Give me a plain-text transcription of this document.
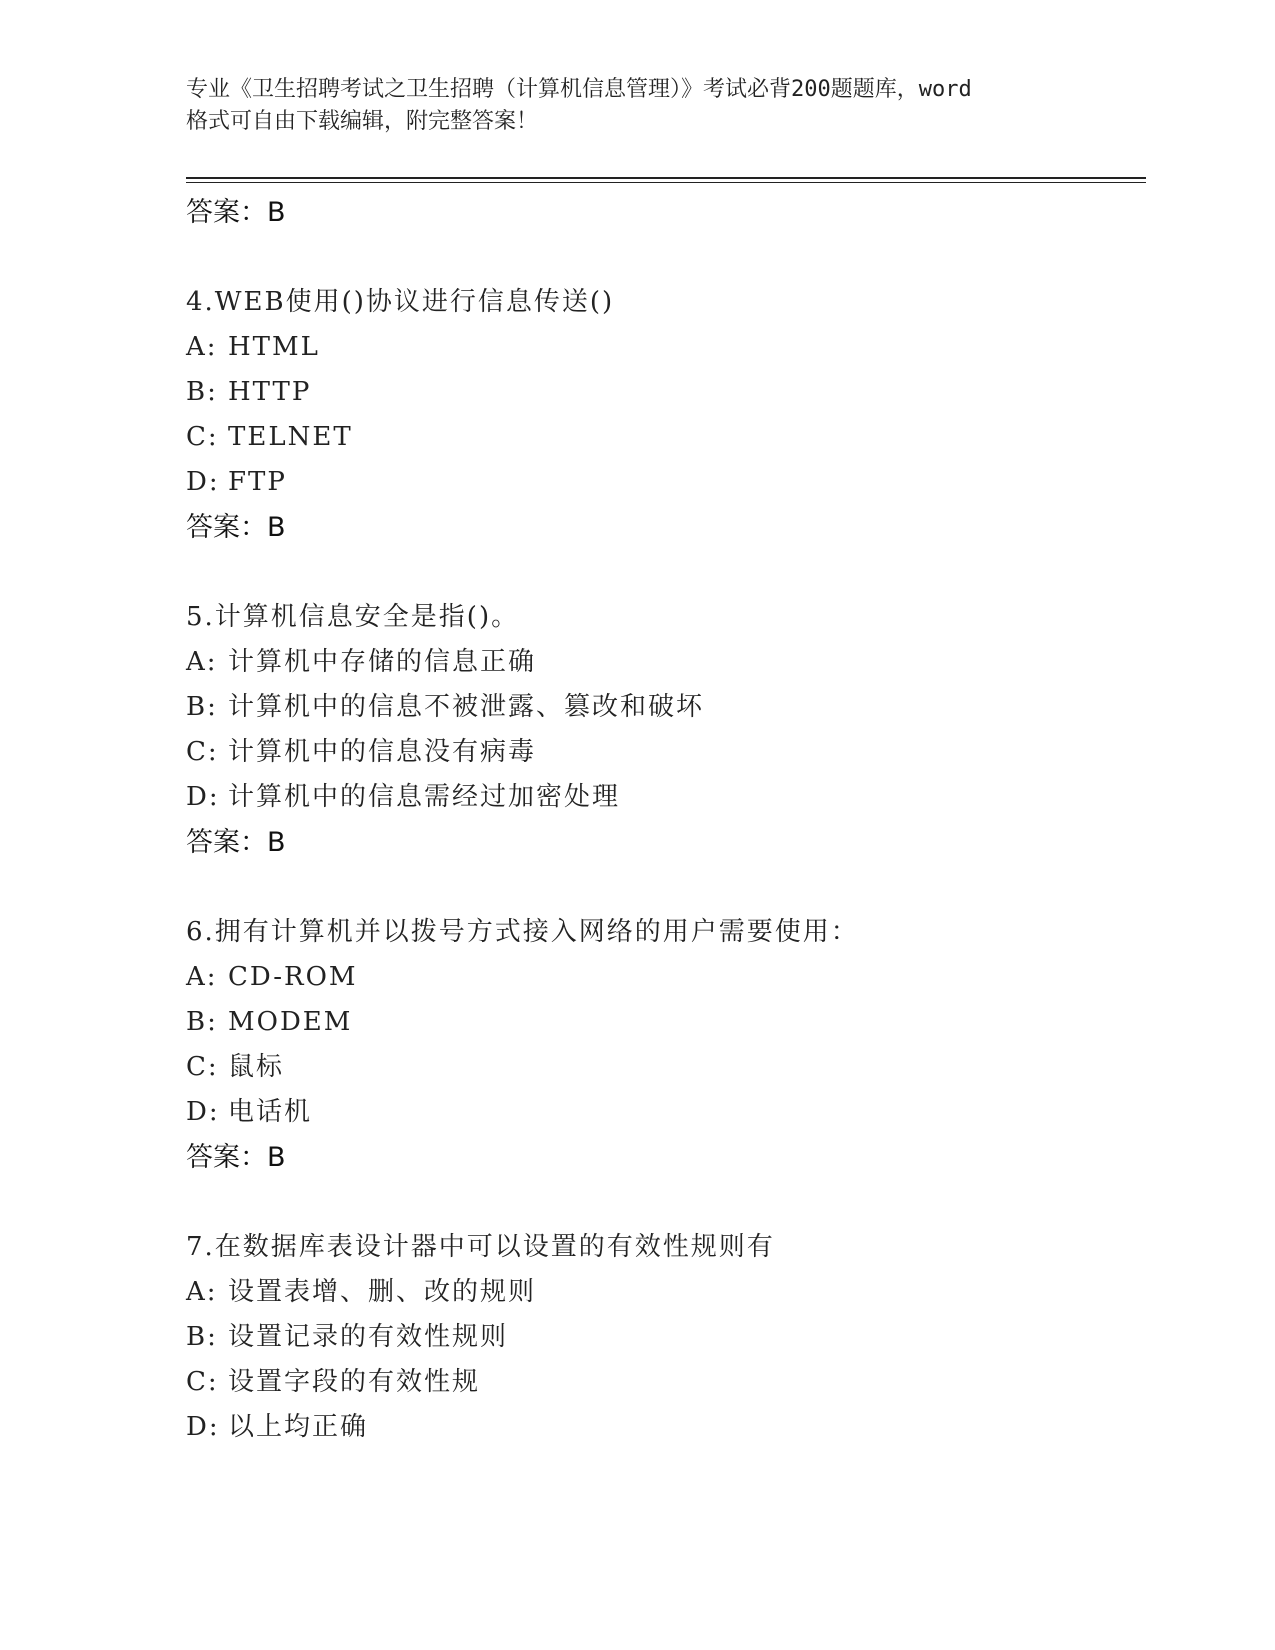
专业《卫生招聘考试之卫生招聘（计算机信息管理）》考试必背200题题库，word
格式可自由下载编辑，附完整答案！
答案：B
4.WEB使用()协议进行信息传送()
A: HTML
B: HTTP
C: TELNET
D: FTP
答案：B
5.计算机信息安全是指()。
A: 计算机中存储的信息正确
B: 计算机中的信息不被泄露、篡改和破坏
C: 计算机中的信息没有病毒
D: 计算机中的信息需经过加密处理
答案：B
6.拥有计算机并以拨号方式接入网络的用户需要使用：
A: CD-ROM
B: MODEM
C: 鼠标
D: 电话机
答案：B
7.在数据库表设计器中可以设置的有效性规则有
A: 设置表增、删、改的规则
B: 设置记录的有效性规则
C: 设置字段的有效性规
D: 以上均正确
